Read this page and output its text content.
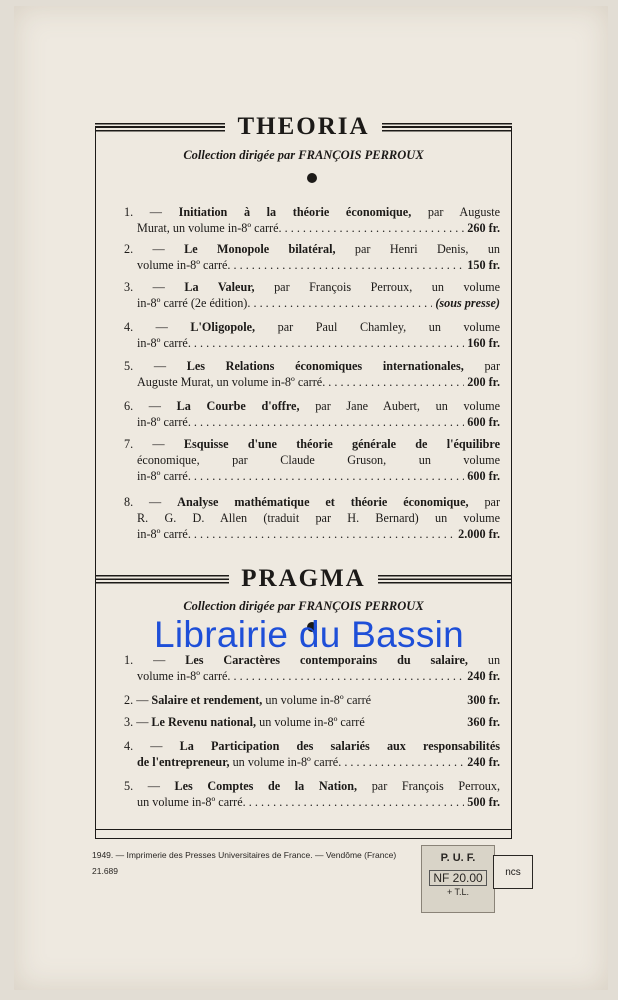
THEORIA
Collection dirigée par FRANÇOIS PERROUX
1. — Initiation à la théorie économique, par Auguste
Murat, un volume in-8º carré . . .	260 fr.
2. — Le Monopole bilatéral, par Henri Denis, un
volume in-8º carré . . .	150 fr.
3. — La Valeur, par François Perroux, un volume
in-8º carré (2e édition) . . .	(sous presse)
4. — L'Oligopole, par Paul Chamley, un volume
in-8º carré . . .	160 fr.
5. — Les Relations économiques internationales, par
Auguste Murat, un volume in-8º carré . . .	200 fr.
6. — La Courbe d'offre, par Jane Aubert, un volume
in-8º carré . . .	600 fr.
7. — Esquisse d'une théorie générale de l'équilibre
économique, par Claude Gruson, un volume
in-8º carré . . .	600 fr.
8. — Analyse mathématique et théorie économique, par
R. G. D. Allen (traduit par H. Bernard) un volume
in-8º carré . . .	2.000 fr.
PRAGMA
Collection dirigée par FRANÇOIS PERROUX
1. — Les Caractères contemporains du salaire, un
volume in-8º carré . . .	240 fr.
2. — Salaire et rendement, un volume in-8º carré	300 fr.
3. — Le Revenu national, un volume in-8º carré	360 fr.
4. — La Participation des salariés aux responsabilités
de l'entrepreneur, un volume in-8º carré . . .	240 fr.
5. — Les Comptes de la Nation, par François Perroux,
un volume in-8º carré . . .	500 fr.
Librairie du Bassin
1949. — Imprimerie des Presses Universitaires de France. — Vendôme (France)
21.689
P. U. F.
NF 20.00
+ T.L.
ncs
